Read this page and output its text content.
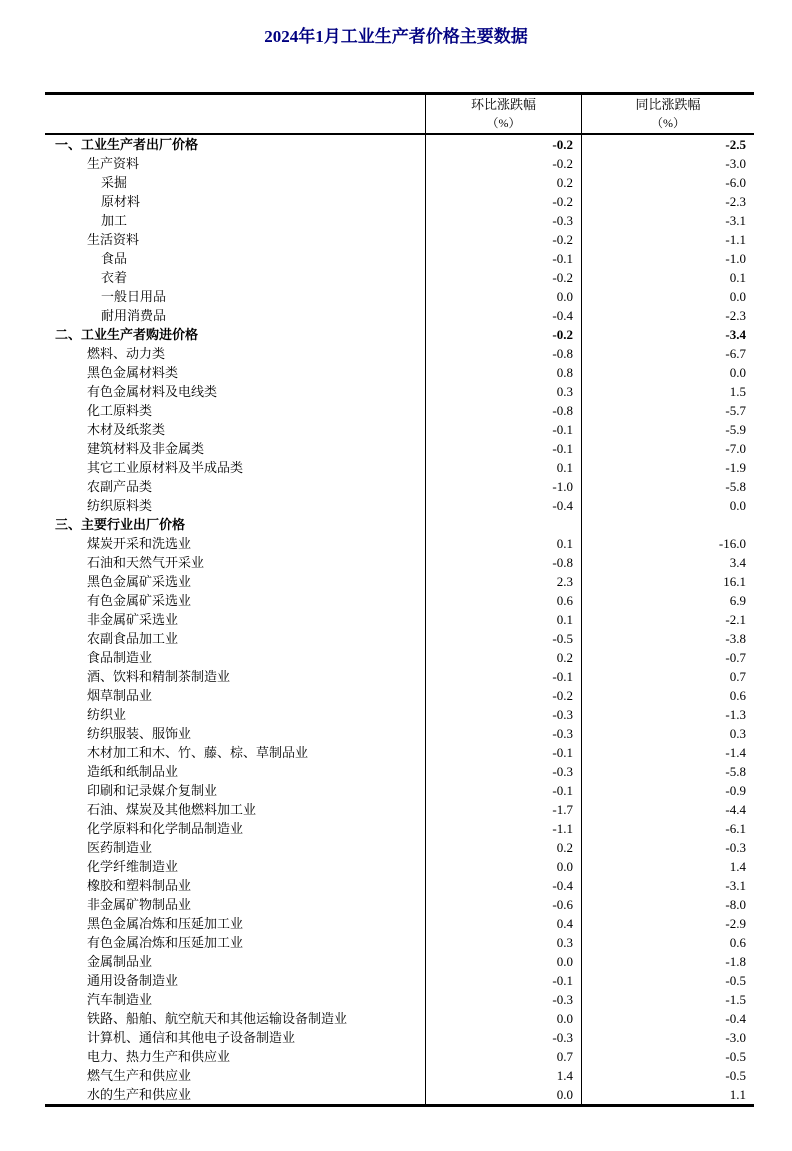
2024年1月工业生产者价格主要数据

环比涨跌幅
（%）

同比涨跌幅
（%）

一、工业生产者出厂价格	-0.2	-2.5
生产资料	-0.2	-3.0
采掘	0.2	-6.0
原材料	-0.2	-2.3
加工	-0.3	-3.1
生活资料	-0.2	-1.1
食品	-0.1	-1.0
衣着	-0.2	0.1
一般日用品	0.0	0.0
耐用消费品	-0.4	-2.3
二、工业生产者购进价格	-0.2	-3.4
燃料、动力类	-0.8	-6.7
黑色金属材料类	0.8	0.0
有色金属材料及电线类	0.3	1.5
化工原料类	-0.8	-5.7
木材及纸浆类	-0.1	-5.9
建筑材料及非金属类	-0.1	-7.0
其它工业原材料及半成品类	0.1	-1.9
农副产品类	-1.0	-5.8
纺织原料类	-0.4	0.0
三、主要行业出厂价格		
煤炭开采和洗选业	0.1	-16.0
石油和天然气开采业	-0.8	3.4
黑色金属矿采选业	2.3	16.1
有色金属矿采选业	0.6	6.9
非金属矿采选业	0.1	-2.1
农副食品加工业	-0.5	-3.8
食品制造业	0.2	-0.7
酒、饮料和精制茶制造业	-0.1	0.7
烟草制品业	-0.2	0.6
纺织业	-0.3	-1.3
纺织服装、服饰业	-0.3	0.3
木材加工和木、竹、藤、棕、草制品业	-0.1	-1.4
造纸和纸制品业	-0.3	-5.8
印刷和记录媒介复制业	-0.1	-0.9
石油、煤炭及其他燃料加工业	-1.7	-4.4
化学原料和化学制品制造业	-1.1	-6.1
医药制造业	0.2	-0.3
化学纤维制造业	0.0	1.4
橡胶和塑料制品业	-0.4	-3.1
非金属矿物制品业	-0.6	-8.0
黑色金属冶炼和压延加工业	0.4	-2.9
有色金属冶炼和压延加工业	0.3	0.6
金属制品业	0.0	-1.8
通用设备制造业	-0.1	-0.5
汽车制造业	-0.3	-1.5
铁路、船舶、航空航天和其他运输设备制造业	0.0	-0.4
计算机、通信和其他电子设备制造业	-0.3	-3.0
电力、热力生产和供应业	0.7	-0.5
燃气生产和供应业	1.4	-0.5
水的生产和供应业	0.0	1.1
